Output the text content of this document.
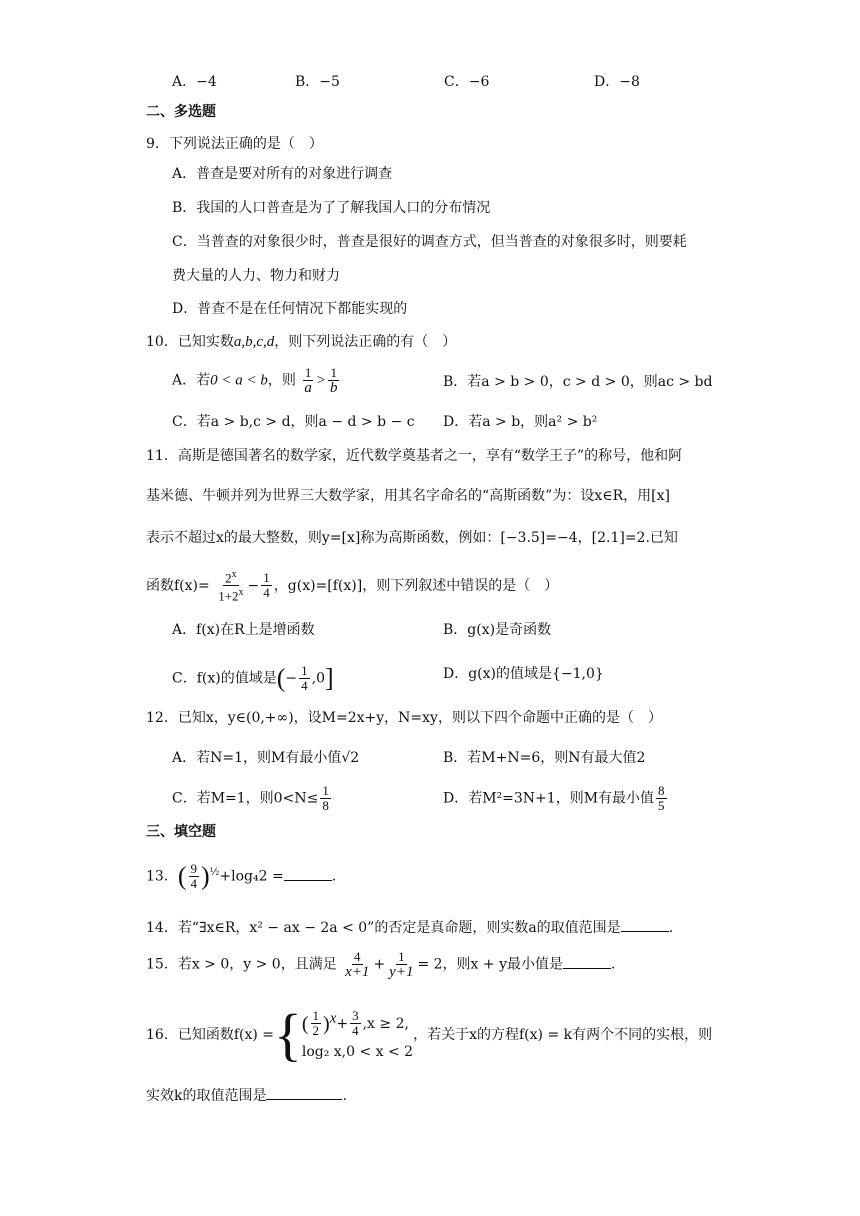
A．−4	B．−5	C．−6	D．−8
二、多选题
9．下列说法正确的是（　）
A．普查是要对所有的对象进行调查
B．我国的人口普查是为了了解我国人口的分布情况
C．当普查的对象很少时，普查是很好的调查方式，但当普查的对象很多时，则要耗
费大量的人力、物力和财力
D．普查不是在任何情况下都能实现的
10．已知实数a,b,c,d，则下列说法正确的有（　）
A．若0 < a < b，则 $\frac{1}{a} > \frac{1}{b}$	B．若a > b > 0，c > d > 0，则ac > bd
C．若a > b,c > d，则a − d > b − c D．若a > b，则a² > b²
11．高斯是德国著名的数学家，近代数学奠基者之一，享有“数学王子”的称号，他和阿
基米德、牛顿并列为世界三大数学家，用其名字命名的“高斯函数”为：设x∈R，用[x]
表示不超过x的最大整数，则y=[x]称为高斯函数，例如：[−3.5]=−4，[2.1]=2.已知
函数$f(x)= \frac{2^x}{1+2^x} - \frac{1}{4}$ ，g(x)=[f(x)]，则下列叙述中错误的是（　）
A．f(x)在R上是增函数	B．g(x)是奇函数
C．f(x)的值域是(− $\frac{1}{4} ,0$]	D．g(x)的值域是{−1,0}
12．已知x，y∈(0,+∞)，设M=2x+y，N=xy，则以下四个命题中正确的是（　）
A．若N=1，则M有最小值√2	B．若M+N=6，则N有最大值2
C．若M=1，则$0<N\le \frac{1}{8}$	D．若M²=3N+1，则M有最小值 $\frac{8}{5}$
三、填空题
13．( $\frac{9}{4} )^{\frac{1}{2}}+\log_42$ =	.
14．若“∃x∈R，x² − ax − 2a < 0”的否定是真命题，则实数a的取值范围是	.
15．若x > 0，y > 0，且满足 $\frac{4}{x+1} + \frac{1}{y+1} = 2$，则x + y最小值是	.
16．已知函数f(x) ={( $\frac{1}{2} )^x+ \frac{3}{4} ,x \ge 2$,
log₂ x,0 < x < 2，若关于x的方程f(x) = k有两个不同的实根，则
实效k的取值范围是	.
